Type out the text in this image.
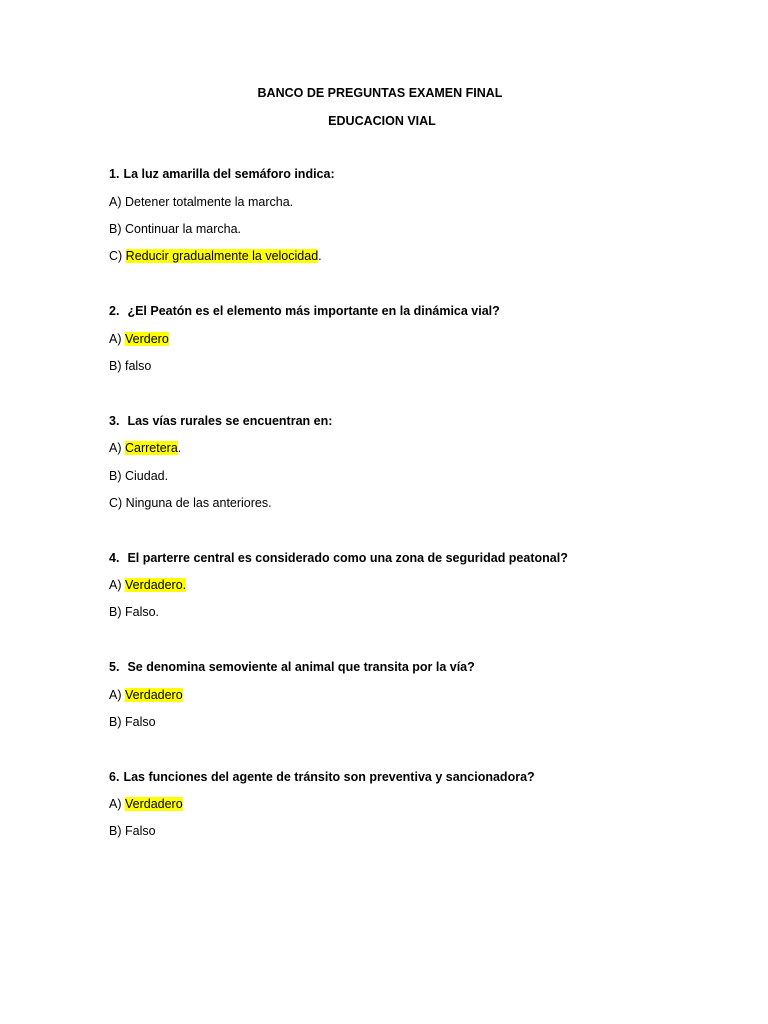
BANCO DE PREGUNTAS EXAMEN FINAL
EDUCACION VIAL
1. La luz amarilla del semáforo indica:
A) Detener totalmente la marcha.
B) Continuar la marcha.
C) Reducir gradualmente la velocidad.
2. ¿El Peatón es el elemento más importante en la dinámica vial?
A) Verdero
B) falso
3. Las vías rurales se encuentran en:
A) Carretera.
B) Ciudad.
C) Ninguna de las anteriores.
4. El parterre central es considerado como una zona de seguridad peatonal?
A) Verdadero.
B) Falso.
5. Se denomina semoviente al animal que transita por la vía?
A) Verdadero
B) Falso
6. Las funciones del agente de tránsito son preventiva y sancionadora?
A) Verdadero
B) Falso
